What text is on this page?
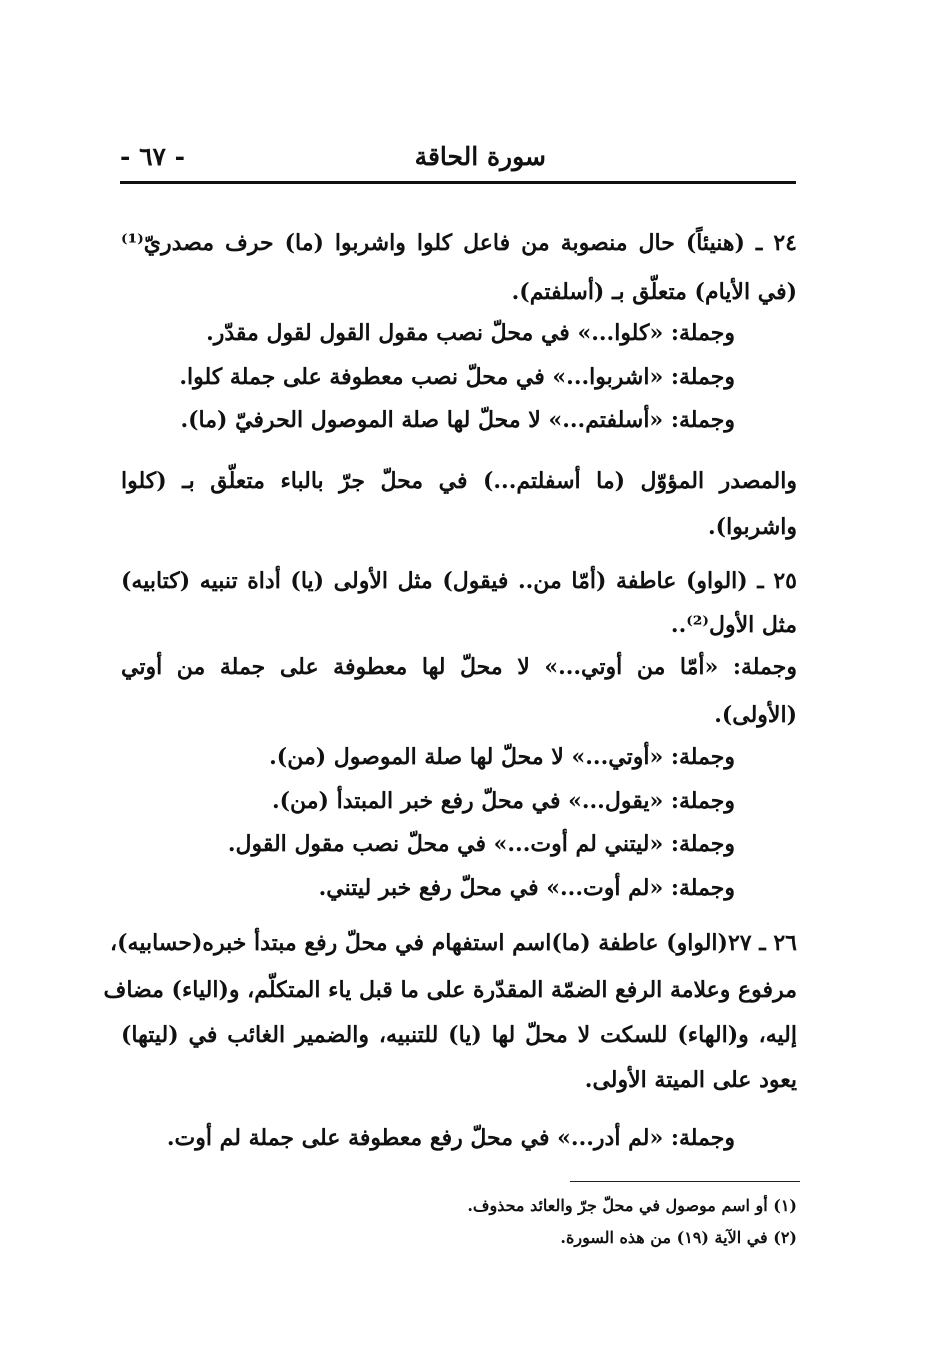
سورة الحاقة
- ٦٧ -
٢٤ ـ (هنيئاً) حال منصوبة من فاعل كلوا واشربوا (ما) حرف مصدريّ⁽¹⁾
(في الأيام) متعلّق بـ (أسلفتم).
وجملة: «كلوا...» في محلّ نصب مقول القول لقول مقدّر.
وجملة: «اشربوا...» في محلّ نصب معطوفة على جملة كلوا.
وجملة: «أسلفتم...» لا محلّ لها صلة الموصول الحرفيّ (ما).
والمصدر المؤوّل (ما أسفلتم...) في محلّ جرّ بالباء متعلّق بـ (كلوا
واشربوا).
٢٥ ـ (الواو) عاطفة (أمّا من.. فيقول) مثل الأولى (يا) أداة تنبيه (كتابيه)
مثل الأول⁽²⁾..
وجملة: «أمّا من أوتي...» لا محلّ لها معطوفة على جملة من أوتي
(الأولى).
وجملة: «أوتي...» لا محلّ لها صلة الموصول (من).
وجملة: «يقول...» في محلّ رفع خبر المبتدأ (من).
وجملة: «ليتني لم أوت...» في محلّ نصب مقول القول.
وجملة: «لم أوت...» في محلّ رفع خبر ليتني.
٢٦ ـ ٢٧(الواو) عاطفة (ما)اسم استفهام في محلّ رفع مبتدأ خبره(حسابيه)،
مرفوع وعلامة الرفع الضمّة المقدّرة على ما قبل ياء المتكلّم، و(الياء) مضاف
إليه، و(الهاء) للسكت لا محلّ لها (يا) للتنبيه، والضمير الغائب في (ليتها)
يعود على الميتة الأولى.
وجملة: «لم أدر...» في محلّ رفع معطوفة على جملة لم أوت.
(١) أو اسم موصول في محلّ جرّ والعائد محذوف.
(٢) في الآية (١٩) من هذه السورة.
